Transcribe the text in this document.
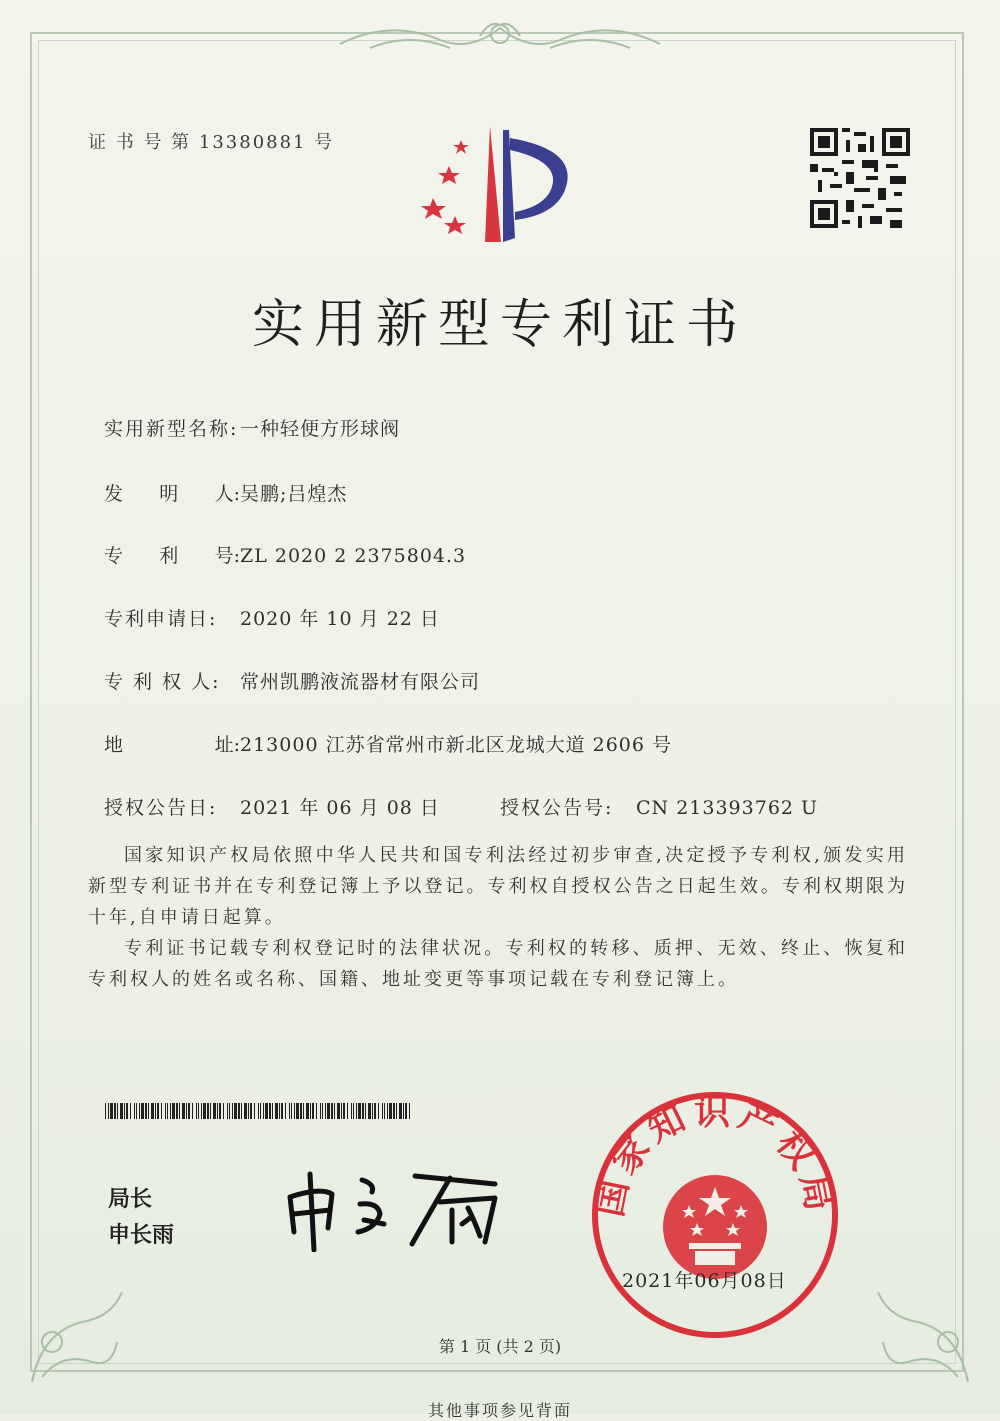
证 书 号 第 13380881 号
实用新型专利证书
实用新型名称:一种轻便方形球阀
发 明 人: 吴鹏;吕煌杰
专 利 号: ZL 2020 2 2375804.3
专利申请日: 2020 年 10 月 22 日
专 利 权 人: 常州凯鹏液流器材有限公司
地	址: 213000 江苏省常州市新北区龙城大道 2606 号
授权公告日: 2021 年 06 月 08 日	授权公告号: CN 213393762 U

国家知识产权局依照中华人民共和国专利法经过初步审查,决定授予专利权,颁发实用新型专利证书并在专利登记簿上予以登记。专利权自授权公告之日起生效。专利权期限为十年,自申请日起算。

专利证书记载专利权登记时的法律状况。专利权的转移、质押、无效、终止、恢复和专利权人的姓名或名称、国籍、地址变更等事项记载在专利登记簿上。

局长
申长雨
国家知识产权局
2021年06月08日
第 1 页 (共 2 页)
其他事项参见背面
